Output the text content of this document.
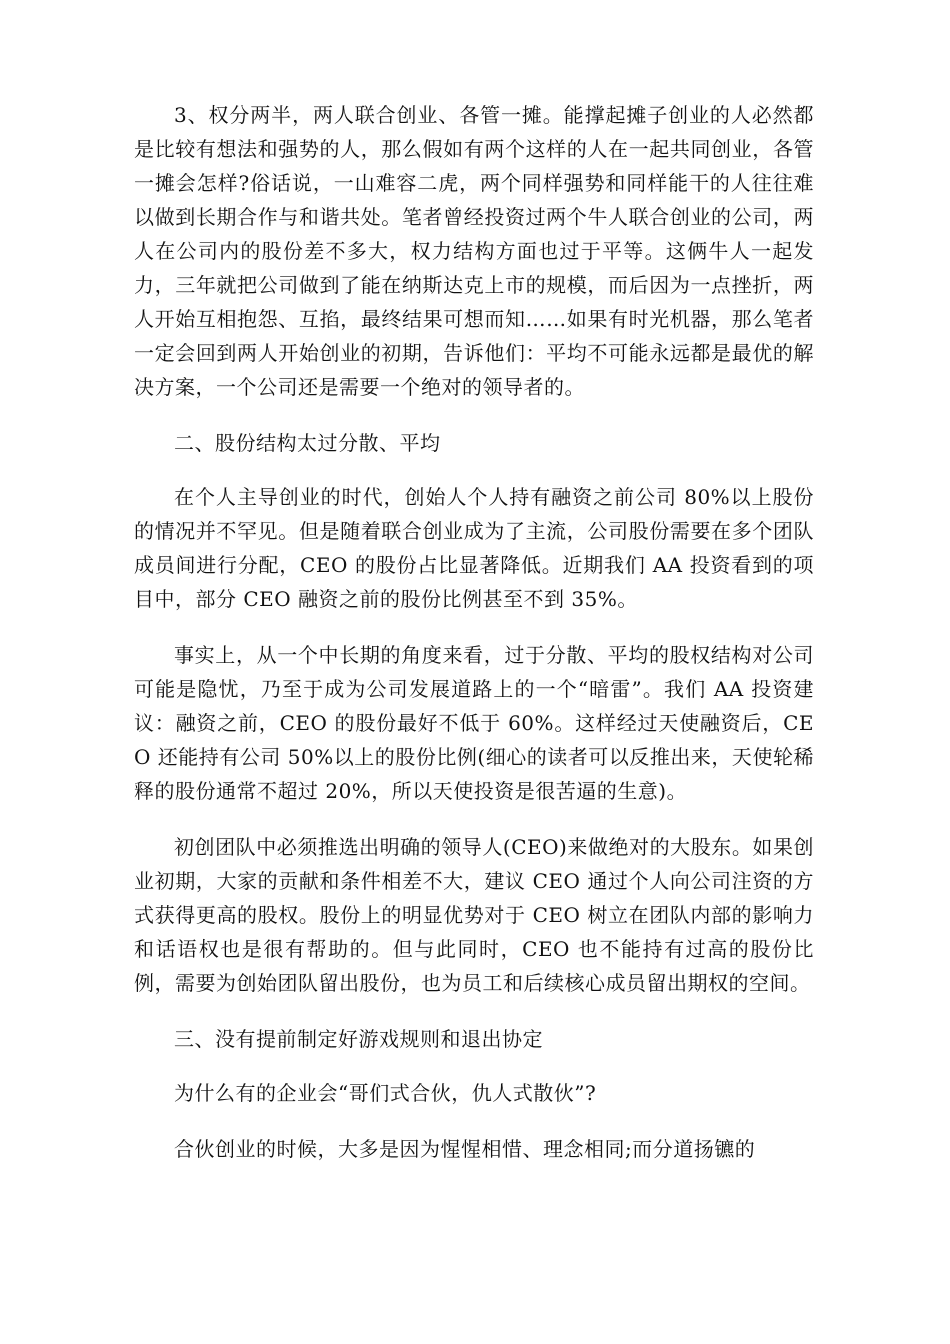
3、权分两半，两人联合创业、各管一摊。能撑起摊子创业的人必然都是比较有想法和强势的人，那么假如有两个这样的人在一起共同创业，各管一摊会怎样?俗话说，一山难容二虎，两个同样强势和同样能干的人往往难以做到长期合作与和谐共处。笔者曾经投资过两个牛人联合创业的公司，两人在公司内的股份差不多大，权力结构方面也过于平等。这俩牛人一起发力，三年就把公司做到了能在纳斯达克上市的规模，而后因为一点挫折，两人开始互相抱怨、互掐，最终结果可想而知……如果有时光机器，那么笔者一定会回到两人开始创业的初期，告诉他们：平均不可能永远都是最优的解决方案，一个公司还是需要一个绝对的领导者的。

二、股份结构太过分散、平均

在个人主导创业的时代，创始人个人持有融资之前公司 80%以上股份的情况并不罕见。但是随着联合创业成为了主流，公司股份需要在多个团队成员间进行分配，CEO 的股份占比显著降低。近期我们 AA 投资看到的项目中，部分 CEO 融资之前的股份比例甚至不到 35%。

事实上，从一个中长期的角度来看，过于分散、平均的股权结构对公司可能是隐忧，乃至于成为公司发展道路上的一个“暗雷”。我们 AA 投资建议：融资之前，CEO 的股份最好不低于 60%。这样经过天使融资后，CEO 还能持有公司 50%以上的股份比例(细心的读者可以反推出来，天使轮稀释的股份通常不超过 20%，所以天使投资是很苦逼的生意)。

初创团队中必须推选出明确的领导人(CEO)来做绝对的大股东。如果创业初期，大家的贡献和条件相差不大，建议 CEO 通过个人向公司注资的方式获得更高的股权。股份上的明显优势对于 CEO 树立在团队内部的影响力和话语权也是很有帮助的。但与此同时，CEO 也不能持有过高的股份比例，需要为创始团队留出股份，也为员工和后续核心成员留出期权的空间。

三、没有提前制定好游戏规则和退出协定

为什么有的企业会“哥们式合伙，仇人式散伙”?

合伙创业的时候，大多是因为惺惺相惜、理念相同;而分道扬镳的
